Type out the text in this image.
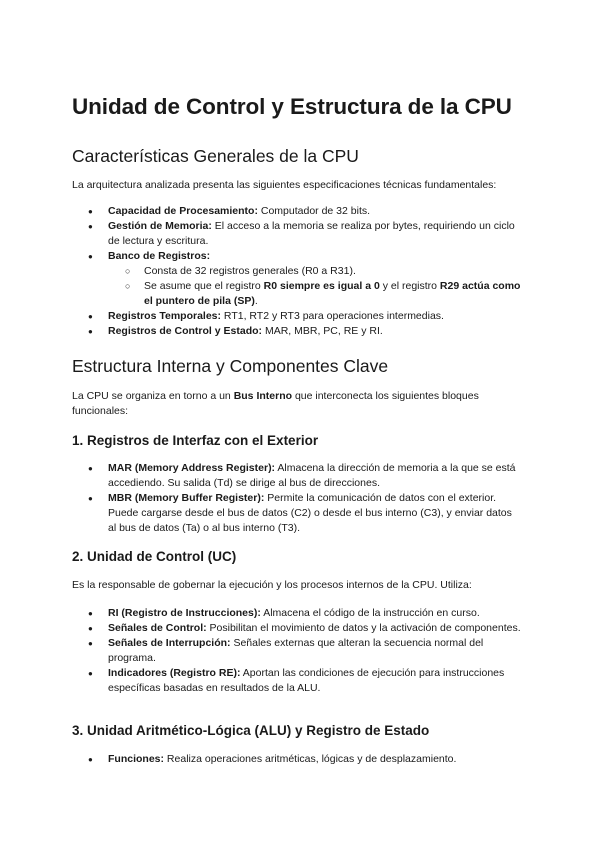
Unidad de Control y Estructura de la CPU
Características Generales de la CPU

La arquitectura analizada presenta las siguientes especificaciones técnicas fundamentales:

● Capacidad de Procesamiento: Computador de 32 bits.
● Gestión de Memoria: El acceso a la memoria se realiza por bytes, requiriendo un ciclo de lectura y escritura.
● Banco de Registros:
○ Consta de 32 registros generales (R0 a R31).
○ Se asume que el registro R0 siempre es igual a 0 y el registro R29 actúa como el puntero de pila (SP).
● Registros Temporales: RT1, RT2 y RT3 para operaciones intermedias.
● Registros de Control y Estado: MAR, MBR, PC, RE y RI.
Estructura Interna y Componentes Clave

La CPU se organiza en torno a un Bus Interno que interconecta los siguientes bloques funcionales:

1. Registros de Interfaz con el Exterior
● MAR (Memory Address Register): Almacena la dirección de memoria a la que se está accediendo. Su salida (Td) se dirige al bus de direcciones.
● MBR (Memory Buffer Register): Permite la comunicación de datos con el exterior. Puede cargarse desde el bus de datos (C2) o desde el bus interno (C3), y enviar datos al bus de datos (Ta) o al bus interno (T3).
2. Unidad de Control (UC)

Es la responsable de gobernar la ejecución y los procesos internos de la CPU. Utiliza:

● RI (Registro de Instrucciones): Almacena el código de la instrucción en curso.
● Señales de Control: Posibilitan el movimiento de datos y la activación de componentes.
● Señales de Interrupción: Señales externas que alteran la secuencia normal del programa.
● Indicadores (Registro RE): Aportan las condiciones de ejecución para instrucciones específicas basadas en resultados de la ALU.
3. Unidad Aritmético-Lógica (ALU) y Registro de Estado
● Funciones: Realiza operaciones aritméticas, lógicas y de desplazamiento.
